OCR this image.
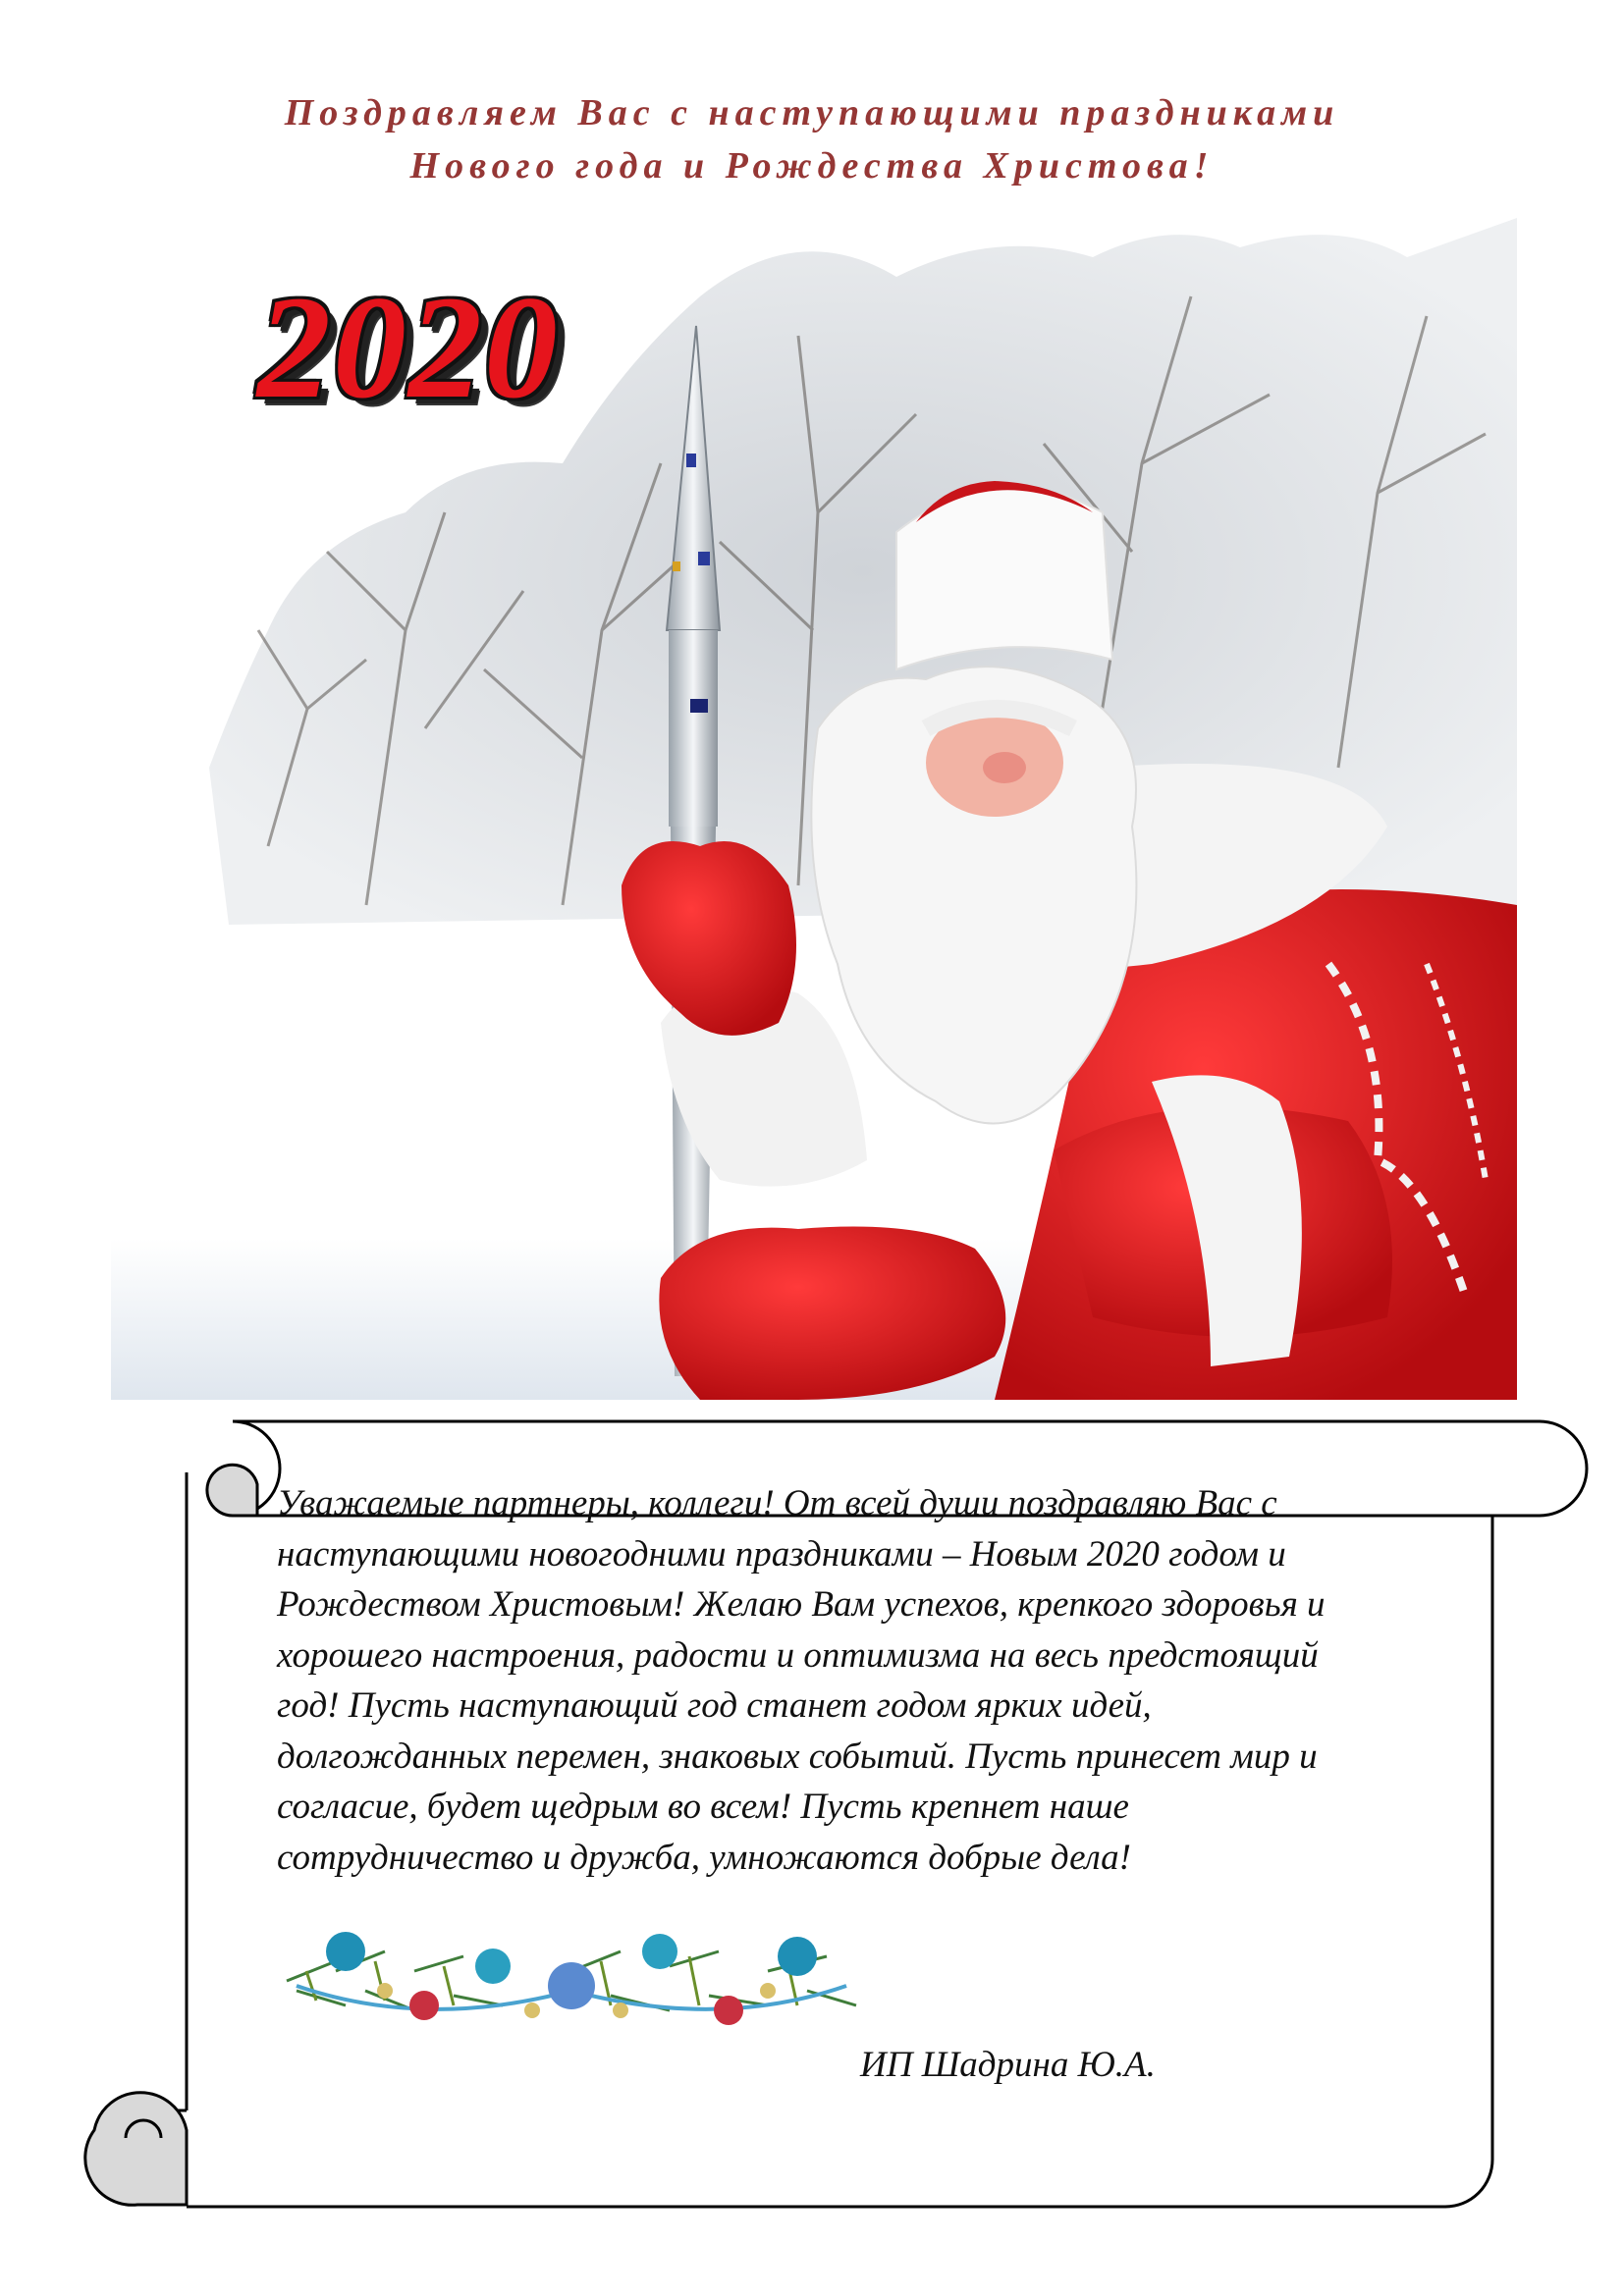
Поздравляем Вас с наступающими праздниками
Нового года и Рождества Христова!
2020
Уважаемые партнеры, коллеги! От всей души поздравляю Вас с наступающими новогодними праздниками – Новым 2020 годом и Рождеством Христовым! Желаю Вам успехов, крепкого здоровья и хорошего настроения, радости и оптимизма на весь предстоящий год! Пусть наступающий год станет годом ярких идей, долгожданных перемен, знаковых событий. Пусть принесет мир и согласие, будет щедрым во всем! Пусть крепнет наше сотрудничество и дружба, умножаются добрые дела!
ИП Шадрина Ю.А.
